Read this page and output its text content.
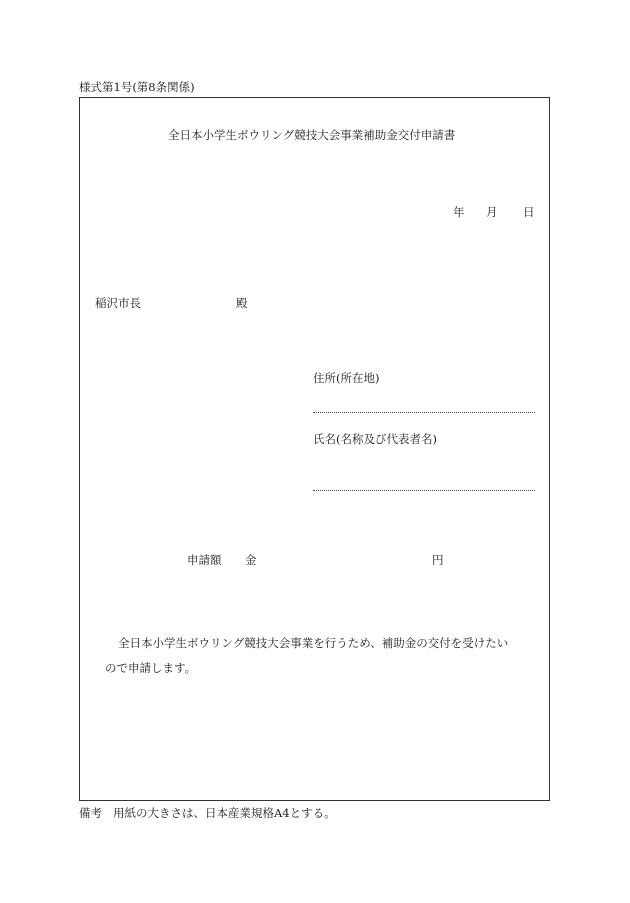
様式第1号(第8条関係)
全日本小学生ボウリング競技大会事業補助金交付申請書
年 月 日
稲沢市長	殿
住所(所在地)
氏名(名称及び代表者名)
申請額 金	円
全日本小学生ボウリング競技大会事業を行うため、補助金の交付を受けたい
ので申請します。
備考 用紙の大きさは、日本産業規格A4とする。
